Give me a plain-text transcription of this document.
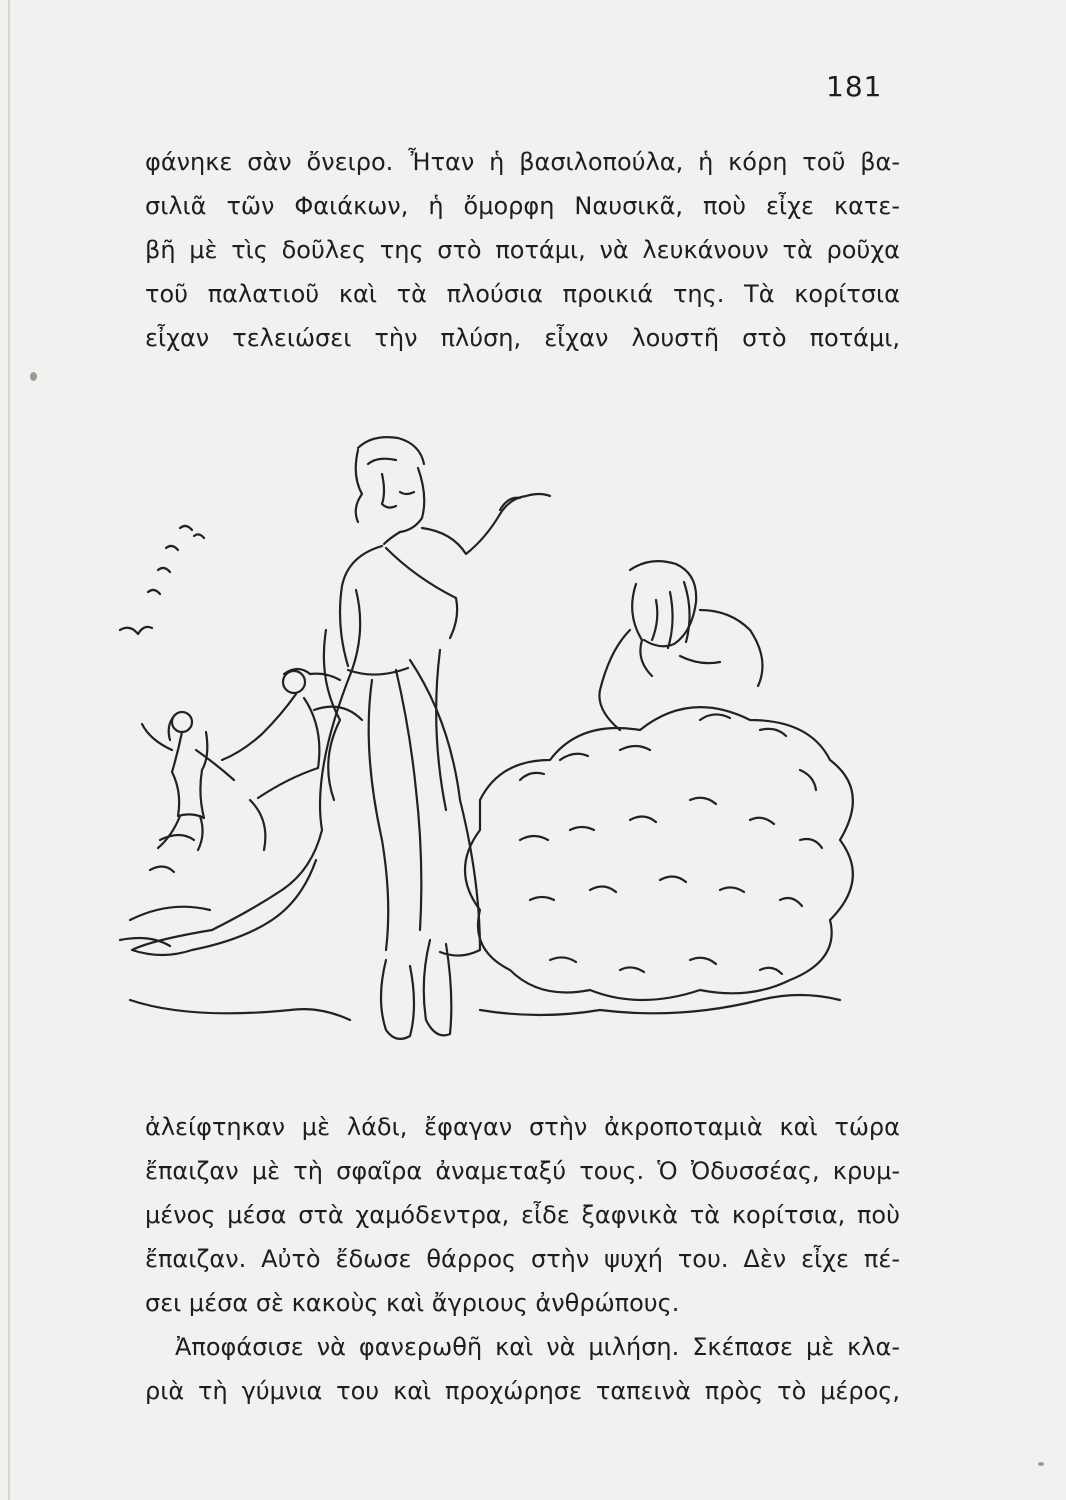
181
φάνηκε σὰν ὄνειρο. Ἦταν ἡ βασιλοπούλα, ἡ κόρη τοῦ βα-
σιλιᾶ τῶν Φαιάκων, ἡ ὄμορφη Ναυσικᾶ, ποὺ εἶχε κατε-
βῆ μὲ τὶς δοῦλες της στὸ ποτάμι, νὰ λευκάνουν τὰ ροῦχα
τοῦ παλατιοῦ καὶ τὰ πλούσια προικιά της. Τὰ κορίτσια
εἶχαν τελειώσει τὴν πλύση, εἶχαν λουστῆ στὸ ποτάμι,
ἀλείφτηκαν μὲ λάδι, ἔφαγαν στὴν ἀκροποταμιὰ καὶ τώρα
ἔπαιζαν μὲ τὴ σφαῖρα ἀναμεταξύ τους. Ὁ Ὀδυσσέας, κρυμ-
μένος μέσα στὰ χαμόδεντρα, εἶδε ξαφνικὰ τὰ κορίτσια, ποὺ
ἔπαιζαν. Αὐτὸ ἔδωσε θάρρος στὴν ψυχή του. Δὲν εἶχε πέ-
σει μέσα σὲ κακοὺς καὶ ἄγριους ἀνθρώπους.
Ἀποφάσισε νὰ φανερωθῆ καὶ νὰ μιλήση. Σκέπασε μὲ κλα-
ριὰ τὴ γύμνια του καὶ προχώρησε ταπεινὰ πρὸς τὸ μέρος,
